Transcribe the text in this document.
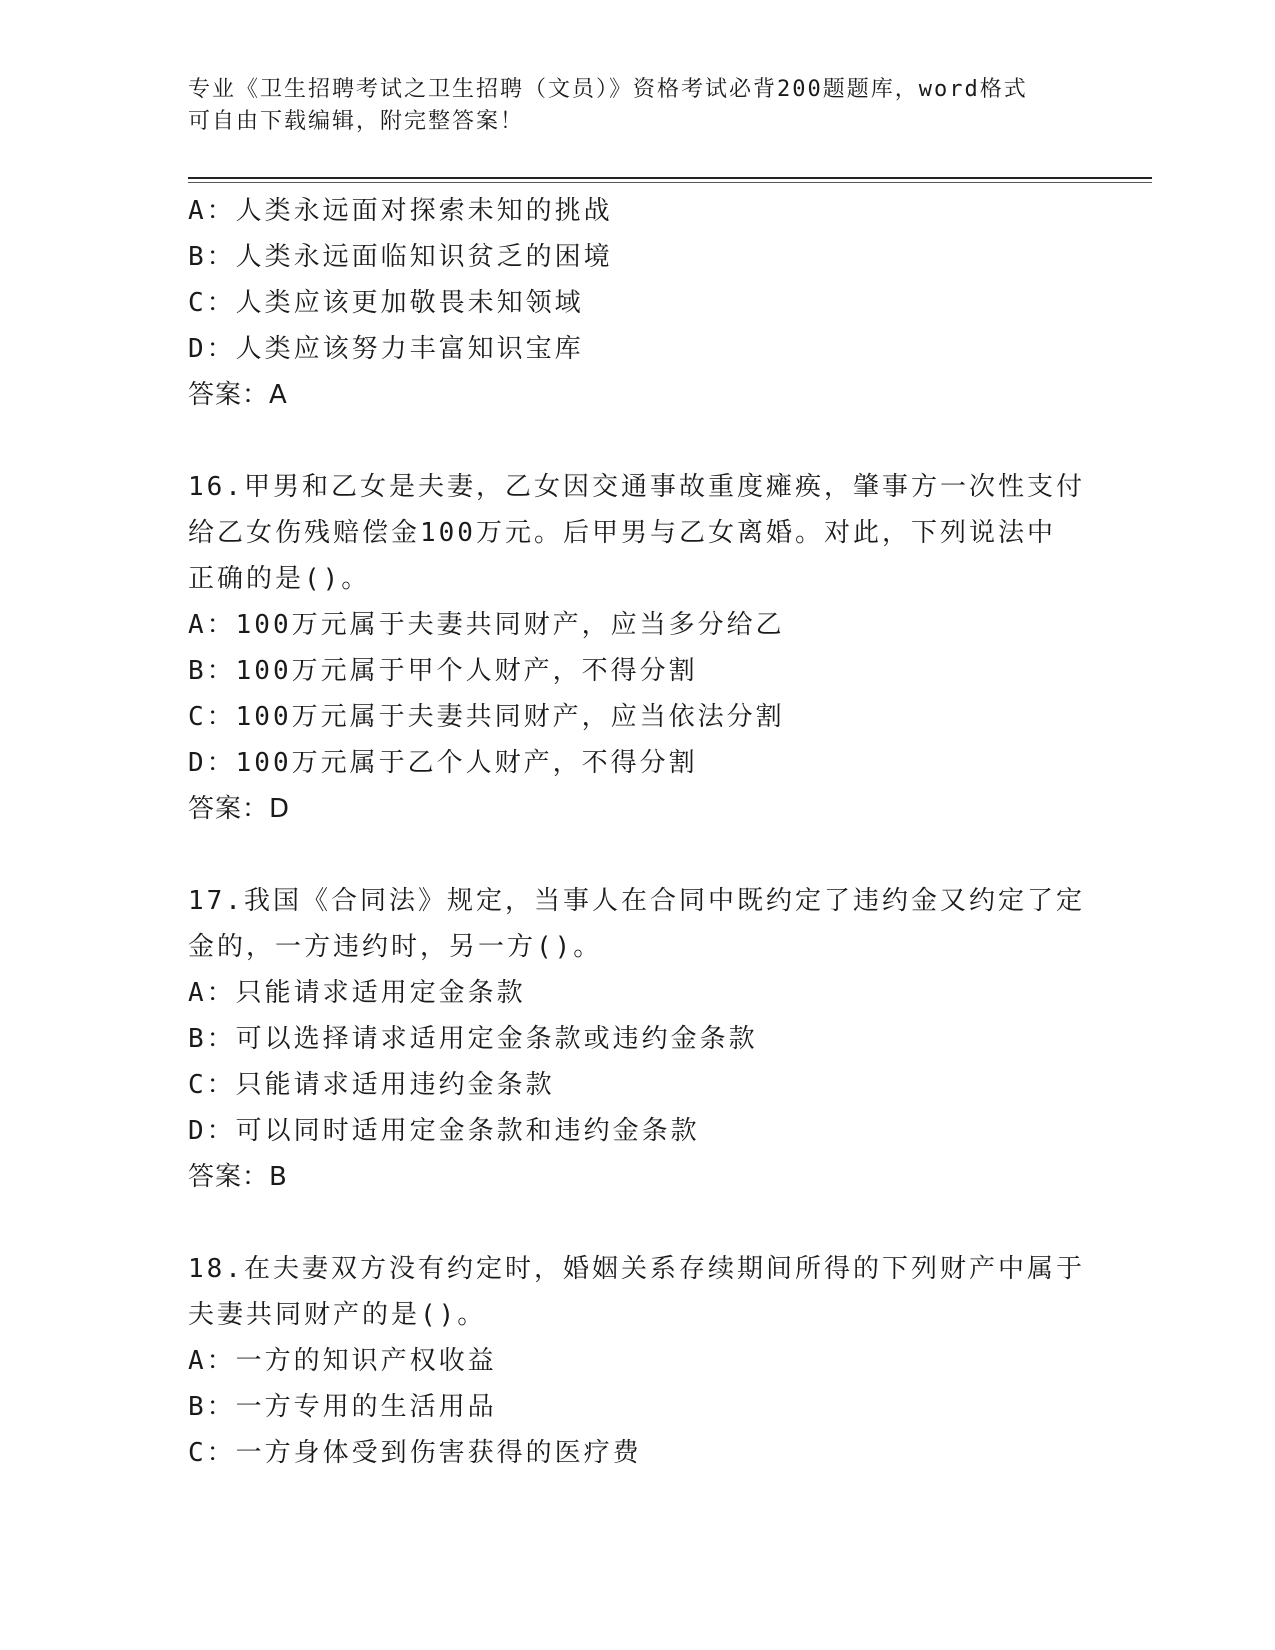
专业《卫生招聘考试之卫生招聘（文员）》资格考试必背200题题库，word格式
可自由下载编辑，附完整答案！
A：人类永远面对探索未知的挑战
B：人类永远面临知识贫乏的困境
C：人类应该更加敬畏未知领域
D：人类应该努力丰富知识宝库
答案：A
16.甲男和乙女是夫妻，乙女因交通事故重度瘫痪，肇事方一次性支付
给乙女伤残赔偿金100万元。后甲男与乙女离婚。对此，下列说法中
正确的是()。
A：100万元属于夫妻共同财产，应当多分给乙
B：100万元属于甲个人财产，不得分割
C：100万元属于夫妻共同财产，应当依法分割
D：100万元属于乙个人财产，不得分割
答案：D
17.我国《合同法》规定，当事人在合同中既约定了违约金又约定了定
金的，一方违约时，另一方()。
A：只能请求适用定金条款
B：可以选择请求适用定金条款或违约金条款
C：只能请求适用违约金条款
D：可以同时适用定金条款和违约金条款
答案：B
18.在夫妻双方没有约定时，婚姻关系存续期间所得的下列财产中属于
夫妻共同财产的是()。
A：一方的知识产权收益
B：一方专用的生活用品
C：一方身体受到伤害获得的医疗费
